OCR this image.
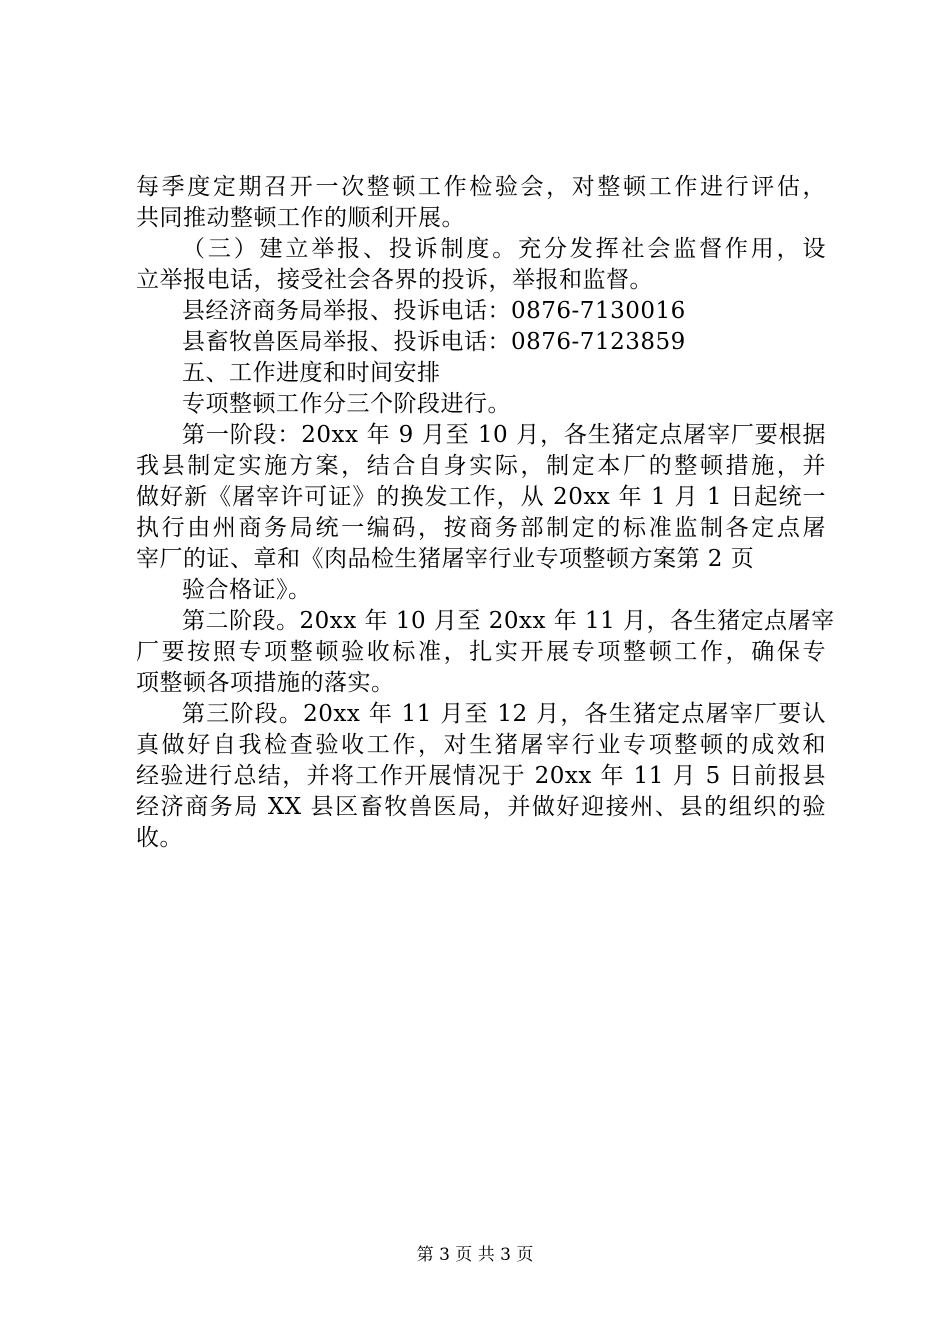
每季度定期召开一次整顿工作检验会，对整顿工作进行评估，
共同推动整顿工作的顺利开展。
（三）建立举报、投诉制度。充分发挥社会监督作用，设
立举报电话，接受社会各界的投诉，举报和监督。
县经济商务局举报、投诉电话：0876-7130016
县畜牧兽医局举报、投诉电话：0876-7123859
五、工作进度和时间安排
专项整顿工作分三个阶段进行。
第一阶段：20xx 年 9 月至 10 月，各生猪定点屠宰厂要根据
我县制定实施方案，结合自身实际，制定本厂的整顿措施，并
做好新《屠宰许可证》的换发工作，从 20xx 年 1 月 1 日起统一
执行由州商务局统一编码，按商务部制定的标准监制各定点屠
宰厂的证、章和《肉品检生猪屠宰行业专项整顿方案第 2 页
验合格证》。
第二阶段。20xx 年 10 月至 20xx 年 11 月，各生猪定点屠宰
厂要按照专项整顿验收标准，扎实开展专项整顿工作，确保专
项整顿各项措施的落实。
第三阶段。20xx 年 11 月至 12 月，各生猪定点屠宰厂要认
真做好自我检查验收工作，对生猪屠宰行业专项整顿的成效和
经验进行总结，并将工作开展情况于 20xx 年 11 月 5 日前报县
经济商务局 XX 县区畜牧兽医局，并做好迎接州、县的组织的验
收。
第 3 页 共 3 页
